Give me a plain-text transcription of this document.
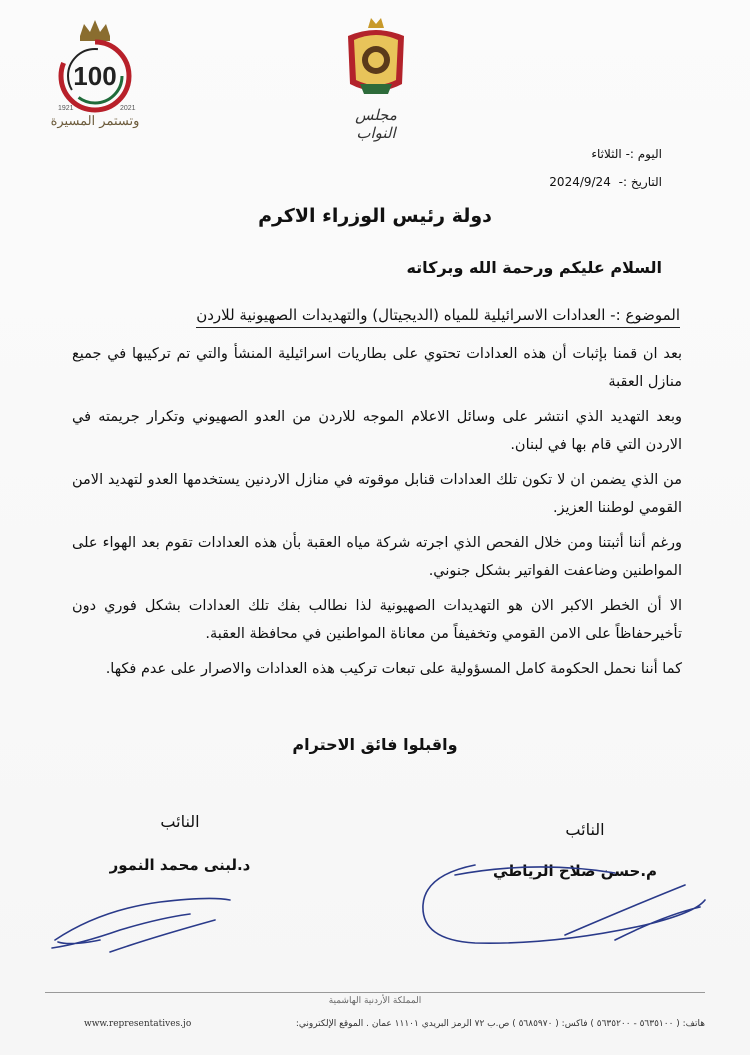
100
1921	2021
وتستمر المسيرة	مجلس النواب
اليوم :- الثلاثاء
التاريخ :- 2024/9/24
دولة رئيس الوزراء الاكرم
السلام عليكم ورحمة الله وبركاته
الموضوع :- العدادات الاسرائيلية للمياه (الديجيتال) والتهديدات الصهيونية للاردن

بعد ان قمنا بإثبات أن هذه العدادات تحتوي على بطاريات اسرائيلية المنشأ والتي تم تركيبها في جميع منازل العقبة

وبعد التهديد الذي انتشر على وسائل الاعلام الموجه للاردن من العدو الصهيوني وتكرار جريمته في الاردن التي قام بها في لبنان.

من الذي يضمن ان لا تكون تلك العدادات قنابل موقوته في منازل الاردنين يستخدمها العدو لتهديد الامن القومي لوطننا العزيز.

ورغم أننا أثبتنا ومن خلال الفحص الذي اجرته شركة مياه العقبة بأن هذه العدادات تقوم بعد الهواء على المواطنين وضاعفت الفواتير بشكل جنوني.

الا أن الخطر الاكبر الان هو التهديدات الصهيونية لذا نطالب بفك تلك العدادات بشكل فوري دون تأخيرحفاظاً على الامن القومي وتخفيفاً من معاناة المواطنين في محافظة العقبة.

كما أننا نحمل الحكومة كامل المسؤولية على تبعات تركيب هذه العدادات والاصرار على عدم فكها.

واقبلوا فائق الاحترام
النائب
د.لبنى محمد النمور
النائب
م.حسن صلاح الرياطي
المملكة الأردنية الهاشمية
www.representatives.jo	هاتف: ( ٥٦٣٥١٠٠ - ٥٦٣٥٢٠٠ ) فاكس: ( ٥٦٨٥٩٧٠ ) ص.ب ٧٢ الرمز البريدي ١١١٠١ عمان . الموقع الإلكتروني:
